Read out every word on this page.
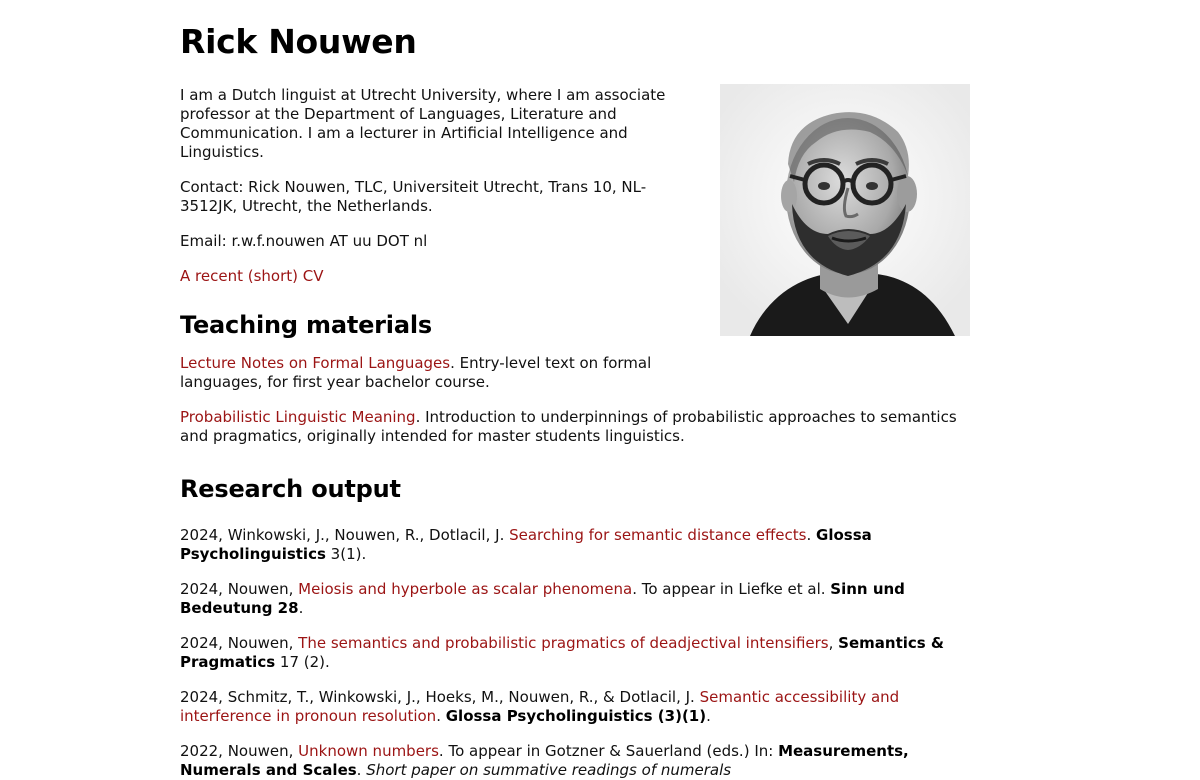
Rick Nouwen

I am a Dutch linguist at Utrecht University, where I am associate professor at the Department of Languages, Literature and Communication. I am a lecturer in Artificial Intelligence and Linguistics.

Contact: Rick Nouwen, TLC, Universiteit Utrecht, Trans 10, NL-3512JK, Utrecht, the Netherlands.

Email: r.w.f.nouwen AT uu DOT nl

A recent (short) CV

Teaching materials

Lecture Notes on Formal Languages. Entry-level text on formal languages, for first year bachelor course.

Probabilistic Linguistic Meaning. Introduction to underpinnings of probabilistic approaches to semantics and pragmatics, originally intended for master students linguistics.

Research output

2024, Winkowski, J., Nouwen, R., Dotlacil, J. Searching for semantic distance effects. Glossa Psycholinguistics 3(1).

2024, Nouwen, Meiosis and hyperbole as scalar phenomena. To appear in Liefke et al. Sinn und Bedeutung 28.

2024, Nouwen, The semantics and probabilistic pragmatics of deadjectival intensifiers, Semantics & Pragmatics 17 (2).

2024, Schmitz, T., Winkowski, J., Hoeks, M., Nouwen, R., & Dotlacil, J. Semantic accessibility and interference in pronoun resolution. Glossa Psycholinguistics (3)(1).

2022, Nouwen, Unknown numbers. To appear in Gotzner & Sauerland (eds.) In: Measurements, Numerals and Scales. Short paper on summative readings of numerals
